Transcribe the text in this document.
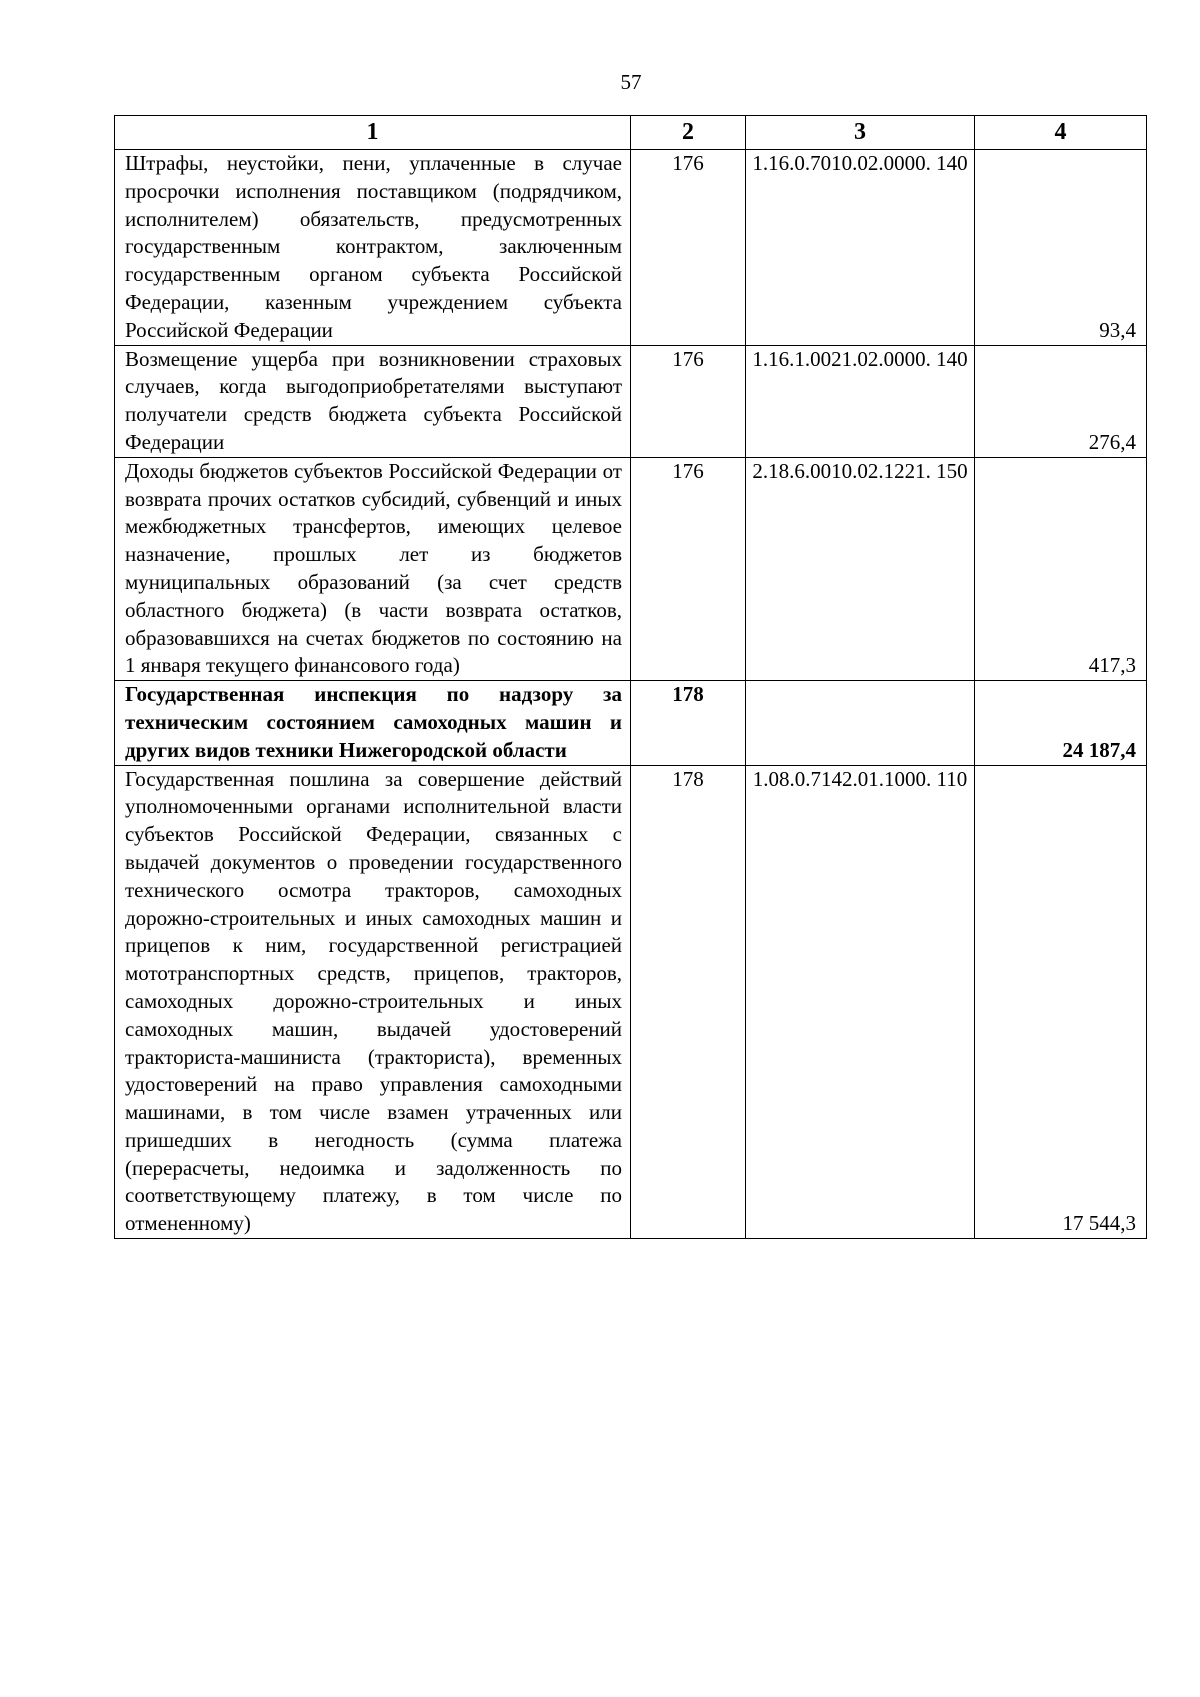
57
1	2	3	4
Штрафы, неустойки, пени, уплаченные в случае просрочки исполнения поставщиком (подрядчиком, исполнителем) обязательств, предусмотренных государственным контрактом, заключенным государственным органом субъекта Российской Федерации, казенным учреждением субъекта Российской Федерации	176	1.16.0.7010.02.0000. 140	93,4
Возмещение ущерба при возникновении страховых случаев, когда выгодоприобретателями выступают получатели средств бюджета субъекта Российской Федерации	176	1.16.1.0021.02.0000. 140	276,4
Доходы бюджетов субъектов Российской Федерации от возврата прочих остатков субсидий, субвенций и иных межбюджетных трансфертов, имеющих целевое назначение, прошлых лет из бюджетов муниципальных образований (за счет средств областного бюджета) (в части возврата остатков, образовавшихся на счетах бюджетов по состоянию на 1 января текущего финансового года)	176	2.18.6.0010.02.1221. 150	417,3
Государственная инспекция по надзору за техническим состоянием самоходных машин и других видов техники Нижегородской области	178		24 187,4
Государственная пошлина за совершение действий уполномоченными органами исполнительной власти субъектов Российской Федерации, связанных с выдачей документов о проведении государственного технического осмотра тракторов, самоходных дорожно-строительных и иных самоходных машин и прицепов к ним, государственной регистрацией мототранспортных средств, прицепов, тракторов, самоходных дорожно-строительных и иных самоходных машин, выдачей удостоверений тракториста-машиниста (тракториста), временных удостоверений на право управления самоходными машинами, в том числе взамен утраченных или пришедших в негодность (сумма платежа (перерасчеты, недоимка и задолженность по соответствующему платежу, в том числе по отмененному)	178	1.08.0.7142.01.1000. 110	17 544,3
